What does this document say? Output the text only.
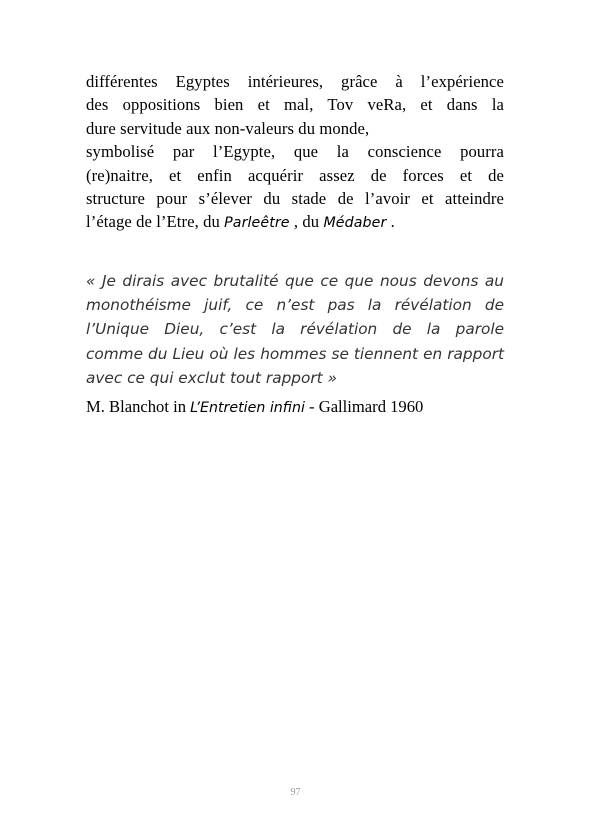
différentes Egyptes intérieures, grâce à l’expérience
des oppositions bien et mal, Tov veRa, et dans la
dure servitude aux non-valeurs du monde,
symbolisé par l’Egypte, que la conscience pourra
(re)naitre, et enfin acquérir assez de forces et de
structure pour s’élever du stade de l’avoir et atteindre
l’étage de l’Etre, du Parleêtre , du Médaber .
« Je dirais avec brutalité que ce que nous devons au
monothéisme juif, ce n’est pas la révélation de
l’Unique Dieu, c’est la révélation de la parole
comme du Lieu où les hommes se tiennent en rapport
avec ce qui exclut tout rapport »
M. Blanchot in L’Entretien infini - Gallimard 1960
97
